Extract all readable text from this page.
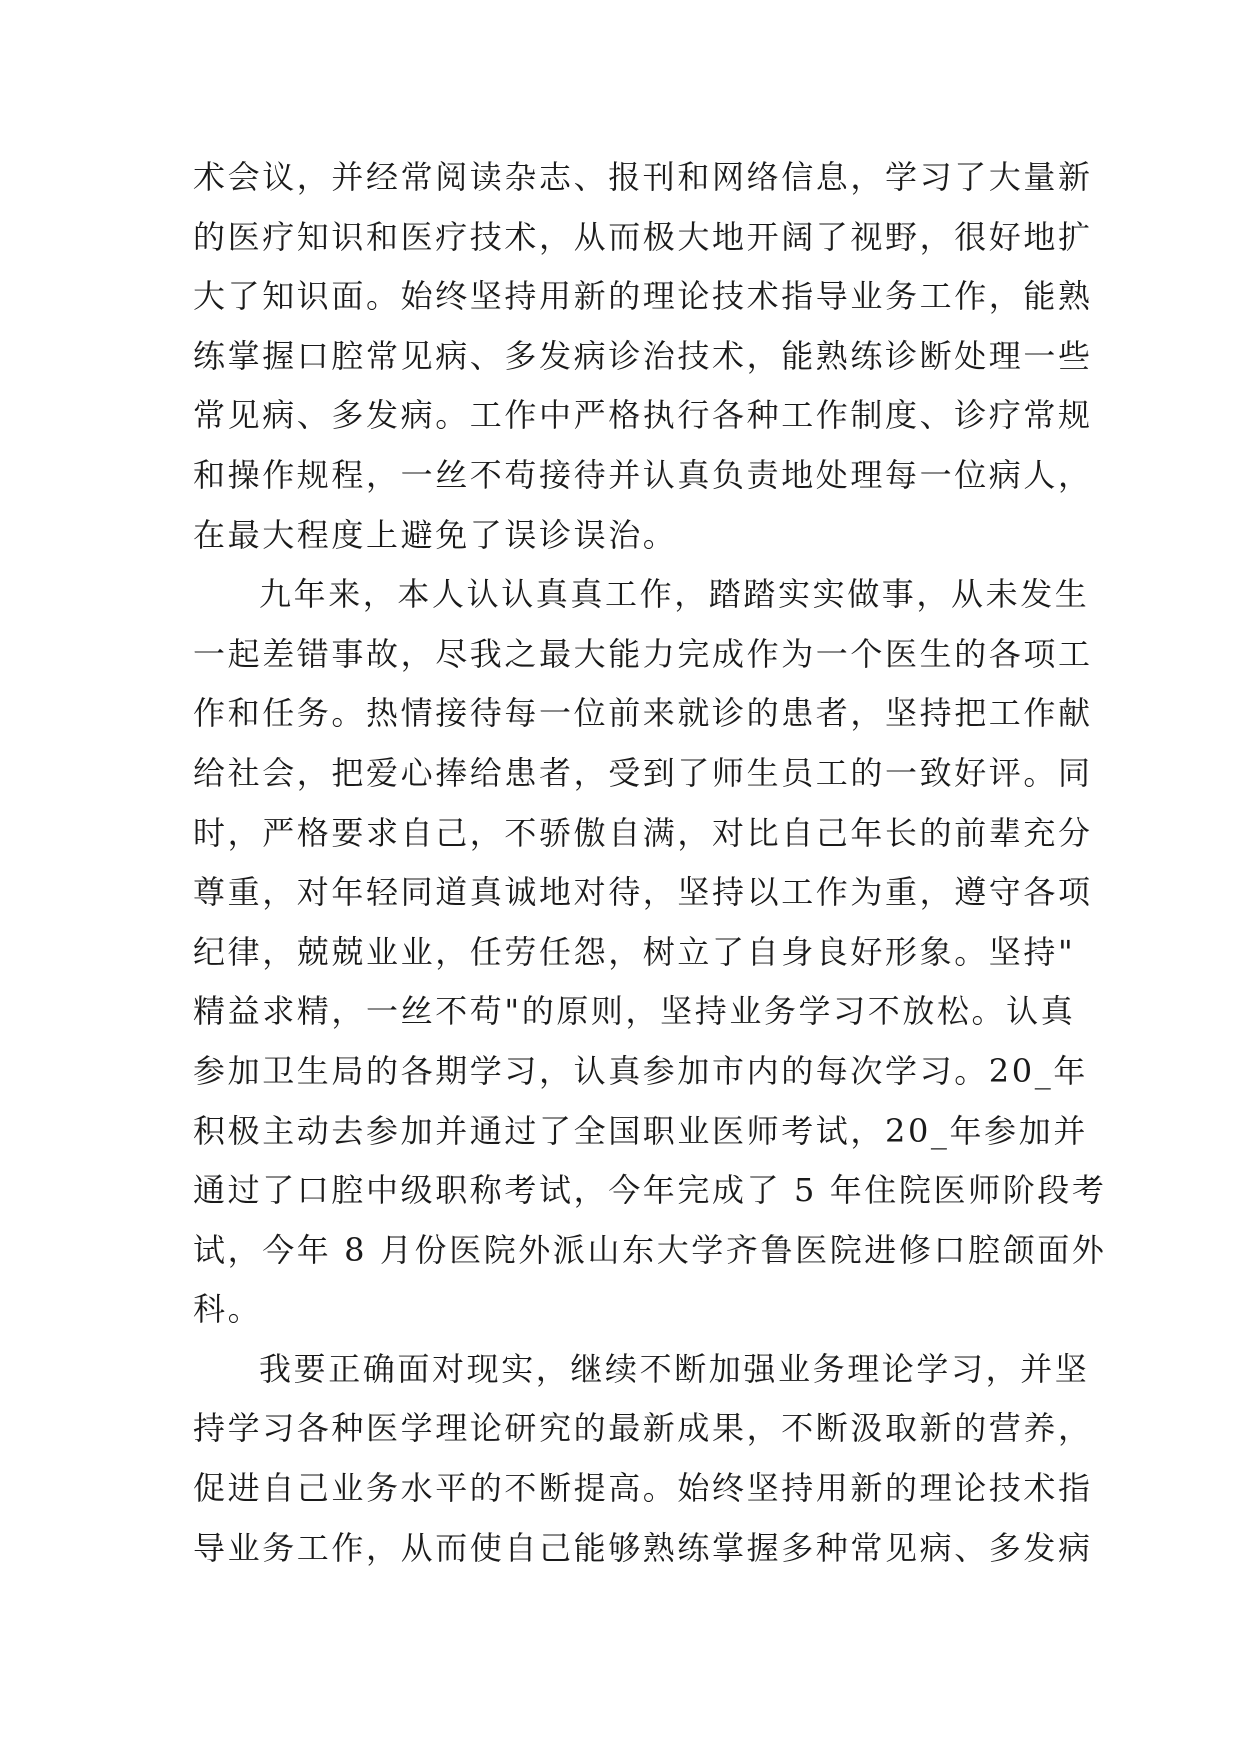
术会议，并经常阅读杂志、报刊和网络信息，学习了大量新
的医疗知识和医疗技术，从而极大地开阔了视野，很好地扩
大了知识面。始终坚持用新的理论技术指导业务工作，能熟
练掌握口腔常见病、多发病诊治技术，能熟练诊断处理一些
常见病、多发病。工作中严格执行各种工作制度、诊疗常规
和操作规程，一丝不苟接待并认真负责地处理每一位病人，
在最大程度上避免了误诊误治。
九年来，本人认认真真工作，踏踏实实做事，从未发生
一起差错事故，尽我之最大能力完成作为一个医生的各项工
作和任务。热情接待每一位前来就诊的患者，坚持把工作献
给社会，把爱心捧给患者，受到了师生员工的一致好评。同
时，严格要求自己，不骄傲自满，对比自己年长的前辈充分
尊重，对年轻同道真诚地对待，坚持以工作为重，遵守各项
纪律，兢兢业业，任劳任怨，树立了自身良好形象。坚持"
精益求精，一丝不苟"的原则，坚持业务学习不放松。认真
参加卫生局的各期学习，认真参加市内的每次学习。20_年
积极主动去参加并通过了全国职业医师考试，20_年参加并
通过了口腔中级职称考试，今年完成了 5 年住院医师阶段考
试，今年 8 月份医院外派山东大学齐鲁医院进修口腔颌面外
科。
我要正确面对现实，继续不断加强业务理论学习，并坚
持学习各种医学理论研究的最新成果，不断汲取新的营养，
促进自己业务水平的不断提高。始终坚持用新的理论技术指
导业务工作，从而使自己能够熟练掌握多种常见病、多发病
